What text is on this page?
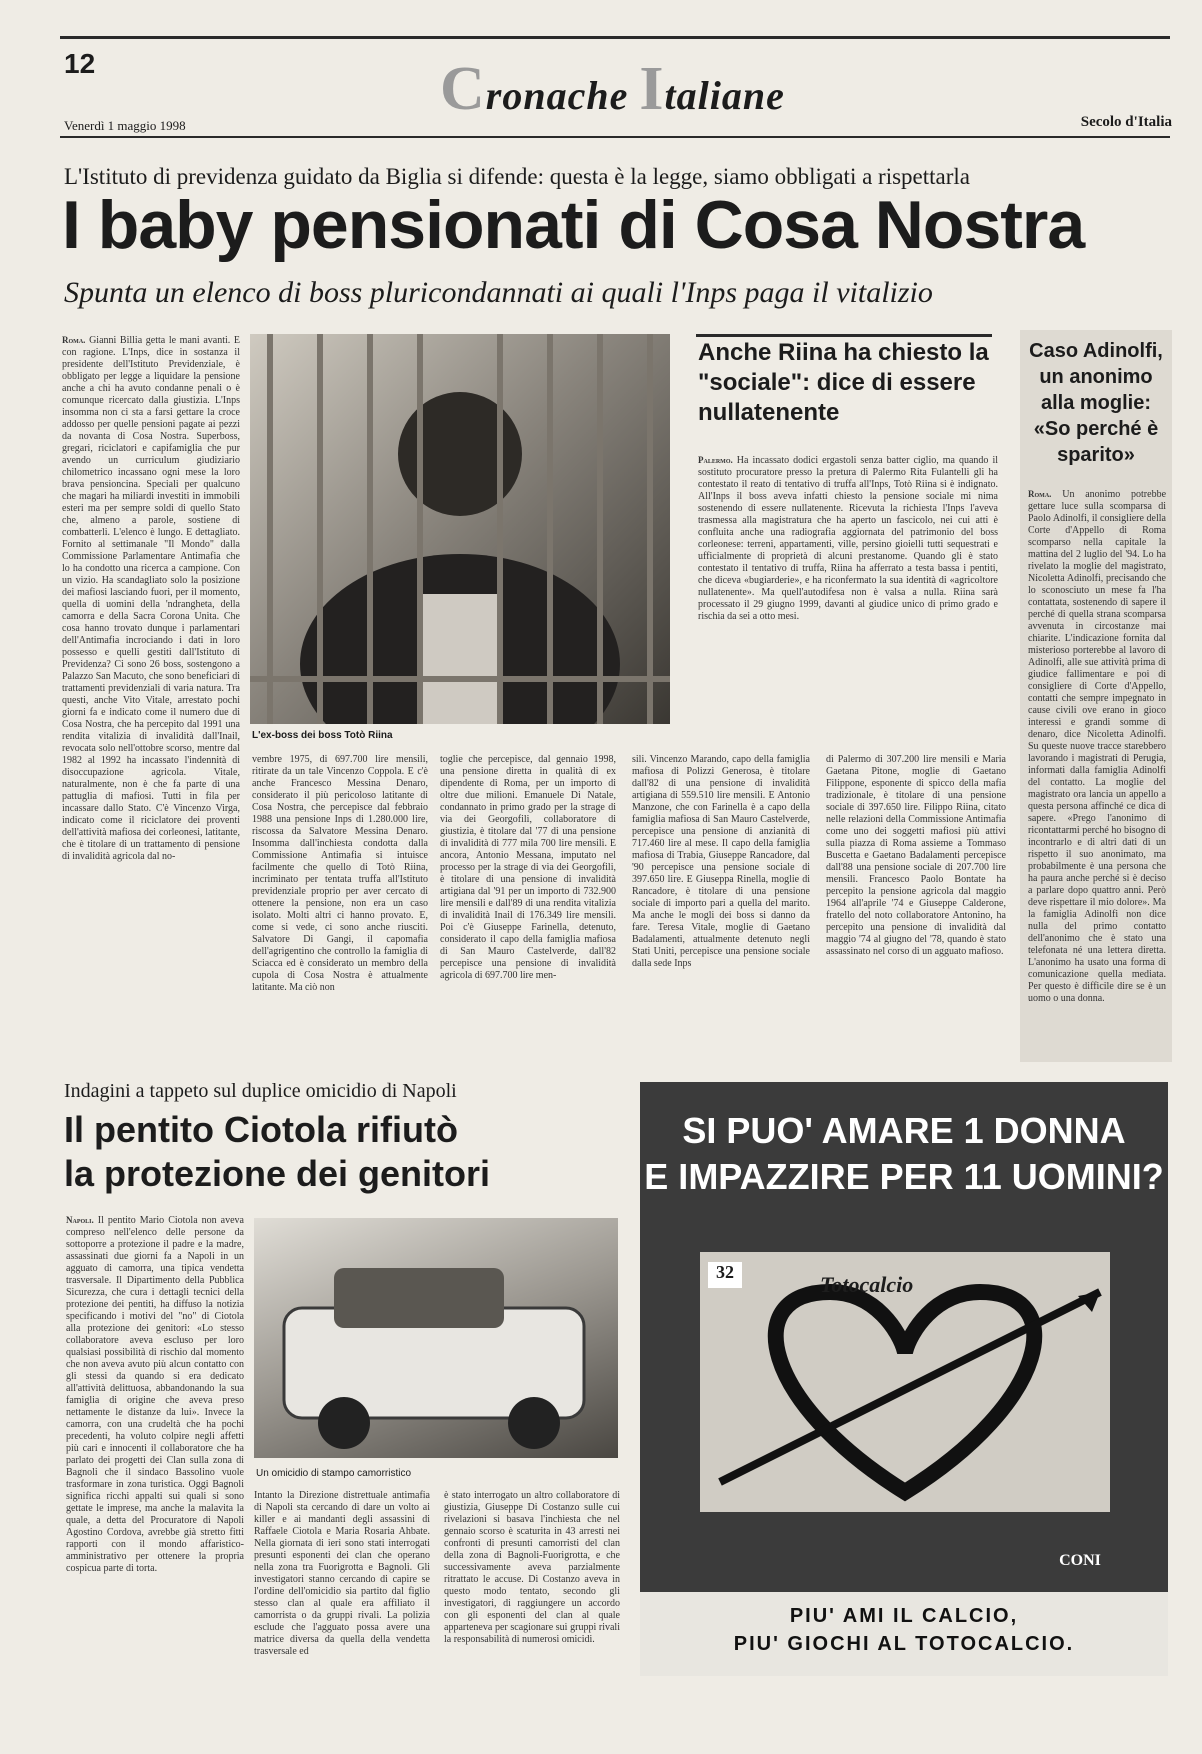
12	Cronache Italiane
Venerdì 1 maggio 1998	Secolo d'Italia
L'Istituto di previdenza guidato da Biglia si difende: questa è la legge, siamo obbligati a rispettarla
I baby pensionati di Cosa Nostra
Spunta un elenco di boss pluricondannati ai quali l'Inps paga il vitalizio
Roma. Gianni Billia getta le mani avanti. E con ragione. L'Inps, dice in sostanza il presidente dell'Istituto Previdenziale, è obbligato per legge a liquidare la pensione anche a chi ha avuto condanne penali o è comunque ricercato dalla giustizia. L'Inps insomma non ci sta a farsi gettare la croce addosso per quelle pensioni pagate ai pezzi da novanta di Cosa Nostra. Superboss, gregari, riciclatori e capifamiglia che pur avendo un curriculum giudiziario chilometrico incassano ogni mese la loro brava pensioncina. Speciali per qualcuno che magari ha miliardi investiti in immobili esteri ma per sempre soldi di quello Stato che, almeno a parole, sostiene di combatterli. L'elenco è lungo. E dettagliato. Fornito al settimanale "Il Mondo" dalla Commissione Parlamentare Antimafia che lo ha condotto una ricerca a campione. Con un vizio. Ha scandagliato solo la posizione dei mafiosi lasciando fuori, per il momento, quella di uomini della 'ndrangheta, della camorra e della Sacra Corona Unita. Che cosa hanno trovato dunque i parlamentari dell'Antimafia incrociando i dati in loro possesso e quelli gestiti dall'Istituto di Previdenza? Ci sono 26 boss, sostengono a Palazzo San Macuto, che sono beneficiari di trattamenti previdenziali di varia natura. Tra questi, anche Vito Vitale, arrestato pochi giorni fa e indicato come il numero due di Cosa Nostra, che ha percepito dal 1991 una rendita vitalizia di invalidità dall'Inail, revocata solo nell'ottobre scorso, mentre dal 1982 al 1992 ha incassato l'indennità di disoccupazione agricola. Vitale, naturalmente, non è che fa parte di una pattuglia di mafiosi. Tutti in fila per incassare dallo Stato. C'è Vincenzo Virga, indicato come il riciclatore dei proventi dell'attività mafiosa dei corleonesi, latitante, che è titolare di un trattamento di pensione di invalidità agricola dal no-
L'ex-boss dei boss Totò Riina
Anche Riina ha chiesto la "sociale": dice di essere nullatenente
Palermo. Ha incassato dodici ergastoli senza batter ciglio, ma quando il sostituto procuratore presso la pretura di Palermo Rita Fulantelli gli ha contestato il reato di tentativo di truffa all'Inps, Totò Riina si è indignato. All'Inps il boss aveva infatti chiesto la pensione sociale mi nima sostenendo di essere nullatenente. Ricevuta la richiesta l'Inps l'aveva trasmessa alla magistratura che ha aperto un fascicolo, nei cui atti è confluita anche una radiografia aggiornata del patrimonio del boss corleonese: terreni, appartamenti, ville, persino gioielli tutti sequestrati e ufficialmente di proprietà di alcuni prestanome. Quando gli è stato contestato il tentativo di truffa, Riina ha afferrato a testa bassa i pentiti, che diceva «bugiarderie», e ha riconfermato la sua identità di «agricoltore nullatenente». Ma quell'autodifesa non è valsa a nulla. Riina sarà processato il 29 giugno 1999, davanti al giudice unico di primo grado e rischia da sei a otto mesi.
vembre 1975, di 697.700 lire mensili, ritirate da un tale Vincenzo Coppola. E c'è anche Francesco Messina Denaro, considerato il più pericoloso latitante di Cosa Nostra, che percepisce dal febbraio 1988 una pensione Inps di 1.280.000 lire, riscossa da Salvatore Messina Denaro. Insomma dall'inchiesta condotta dalla Commissione Antimafia si intuisce facilmente che quello di Totò Riina, incriminato per tentata truffa all'Istituto previdenziale proprio per aver cercato di ottenere la pensione, non era un caso isolato. Molti altri ci hanno provato. E, come si vede, ci sono anche riusciti. Salvatore Di Gangi, il capomafia dell'agrigentino che controllo la famiglia di Sciacca ed è considerato un membro della cupola di Cosa Nostra è attualmente latitante. Ma ciò non
toglie che percepisce, dal gennaio 1998, una pensione diretta in qualità di ex dipendente di Roma, per un importo di oltre due milioni. Emanuele Di Natale, condannato in primo grado per la strage di via dei Georgofili, collaboratore di giustizia, è titolare dal '77 di una pensione di invalidità di 777 mila 700 lire mensili. E ancora, Antonio Messana, imputato nel processo per la strage di via dei Georgofili, è titolare di una pensione di invalidità artigiana dal '91 per un importo di 732.900 lire mensili e dall'89 di una rendita vitalizia di invalidità Inail di 176.349 lire mensili. Poi c'è Giuseppe Farinella, detenuto, considerato il capo della famiglia mafiosa di San Mauro Castelverde, dall'82 percepisce una pensione di invalidità agricola di 697.700 lire men-
sili. Vincenzo Marando, capo della famiglia mafiosa di Polizzi Generosa, è titolare dall'82 di una pensione di invalidità artigiana di 559.510 lire mensili. E Antonio Manzone, che con Farinella è a capo della famiglia mafiosa di San Mauro Castelverde, percepisce una pensione di anzianità di 717.460 lire al mese. Il capo della famiglia mafiosa di Trabia, Giuseppe Rancadore, dal '90 percepisce una pensione sociale di 397.650 lire. E Giuseppa Rinella, moglie di Rancadore, è titolare di una pensione sociale di importo pari a quella del marito. Ma anche le mogli dei boss si danno da fare. Teresa Vitale, moglie di Gaetano Badalamenti, attualmente detenuto negli Stati Uniti, percepisce una pensione sociale dalla sede Inps
di Palermo di 307.200 lire mensili e Maria Gaetana Pitone, moglie di Gaetano Filippone, esponente di spicco della mafia tradizionale, è titolare di una pensione sociale di 397.650 lire. Filippo Riina, citato nelle relazioni della Commissione Antimafia come uno dei soggetti mafiosi più attivi sulla piazza di Roma assieme a Tommaso Buscetta e Gaetano Badalamenti percepisce dall'88 una pensione sociale di 207.700 lire mensili. Francesco Paolo Bontate ha percepito la pensione agricola dal maggio 1964 all'aprile '74 e Giuseppe Calderone, fratello del noto collaboratore Antonino, ha percepito una pensione di invalidità dal maggio '74 al giugno del '78, quando è stato assassinato nel corso di un agguato mafioso.
Caso Adinolfi, un anonimo alla moglie: «So perché è sparito»
Roma. Un anonimo potrebbe gettare luce sulla scomparsa di Paolo Adinolfi, il consigliere della Corte d'Appello di Roma scomparso nella capitale la mattina del 2 luglio del '94. Lo ha rivelato la moglie del magistrato, Nicoletta Adinolfi, precisando che lo sconosciuto un mese fa l'ha contattata, sostenendo di sapere il perché di quella strana scomparsa avvenuta in circostanze mai chiarite. L'indicazione fornita dal misterioso porterebbe al lavoro di Adinolfi, alle sue attività prima di giudice fallimentare e poi di consigliere di Corte d'Appello, contatti che sempre impegnato in cause civili ove erano in gioco interessi e grandi somme di denaro, dice Nicoletta Adinolfi. Su queste nuove tracce starebbero lavorando i magistrati di Perugia, informati dalla famiglia Adinolfi del contatto. La moglie del magistrato ora lancia un appello a questa persona affinché ce dica di sapere. «Prego l'anonimo di ricontattarmi perché ho bisogno di incontrarlo e di altri dati di un rispetto il suo anonimato, ma probabilmente è una persona che ha paura anche perché si è deciso a parlare dopo quattro anni. Però deve rispettare il mio dolore». Ma la famiglia Adinolfi non dice nulla del primo contatto dell'anonimo che è stato una telefonata né una lettera diretta. L'anonimo ha usato una forma di comunicazione quella mediata. Per questo è difficile dire se è un uomo o una donna.
Indagini a tappeto sul duplice omicidio di Napoli
Il pentito Ciotola rifiutò
la protezione dei genitori
Napoli. Il pentito Mario Ciotola non aveva compreso nell'elenco delle persone da sottoporre a protezione il padre e la madre, assassinati due giorni fa a Napoli in un agguato di camorra, una tipica vendetta trasversale. Il Dipartimento della Pubblica Sicurezza, che cura i dettagli tecnici della protezione dei pentiti, ha diffuso la notizia specificando i motivi del "no" di Ciotola alla protezione dei genitori: «Lo stesso collaboratore aveva escluso per loro qualsiasi possibilità di rischio dal momento che non aveva avuto più alcun contatto con gli stessi da quando si era dedicato all'attività delittuosa, abbandonando la sua famiglia di origine che aveva preso nettamente le distanze da lui». Invece la camorra, con una crudeltà che ha pochi precedenti, ha voluto colpire negli affetti più cari e innocenti il collaboratore che ha parlato dei progetti dei Clan sulla zona di Bagnoli che il sindaco Bassolino vuole trasformare in zona turistica. Oggi Bagnoli significa ricchi appalti sui quali si sono gettate le imprese, ma anche la malavita la quale, a detta del Procuratore di Napoli Agostino Cordova, avrebbe già stretto fitti rapporti con il mondo affaristico-amministrativo per ottenere la propria cospicua parte di torta.
Un omicidio di stampo camorristico
Intanto la Direzione distrettuale antimafia di Napoli sta cercando di dare un volto ai killer e ai mandanti degli assassini di Raffaele Ciotola e Maria Rosaria Ahbate. Nella giornata di ieri sono stati interrogati presunti esponenti dei clan che operano nella zona tra Fuorigrotta e Bagnoli. Gli investigatori stanno cercando di capire se l'ordine dell'omicidio sia partito dal figlio stesso clan al quale era affiliato il camorrista o da gruppi rivali. La polizia esclude che l'agguato possa avere una matrice diversa da quella della vendetta trasversale ed
è stato interrogato un altro collaboratore di giustizia, Giuseppe Di Costanzo sulle cui rivelazioni si basava l'inchiesta che nel gennaio scorso è scaturita in 43 arresti nei confronti di presunti camorristi del clan della zona di Bagnoli-Fuorigrotta, e che successivamente aveva parzialmente ritrattato le accuse. Di Costanzo aveva in questo modo tentato, secondo gli investigatori, di raggiungere un accordo con gli esponenti del clan al quale apparteneva per scagionare sui gruppi rivali la responsabilità di numerosi omicidi.
SI PUO' AMARE 1 DONNA
E IMPAZZIRE PER 11 UOMINI?
32	Totocalcio
CONI
PIU' AMI IL CALCIO,
PIU' GIOCHI AL TOTOCALCIO.
